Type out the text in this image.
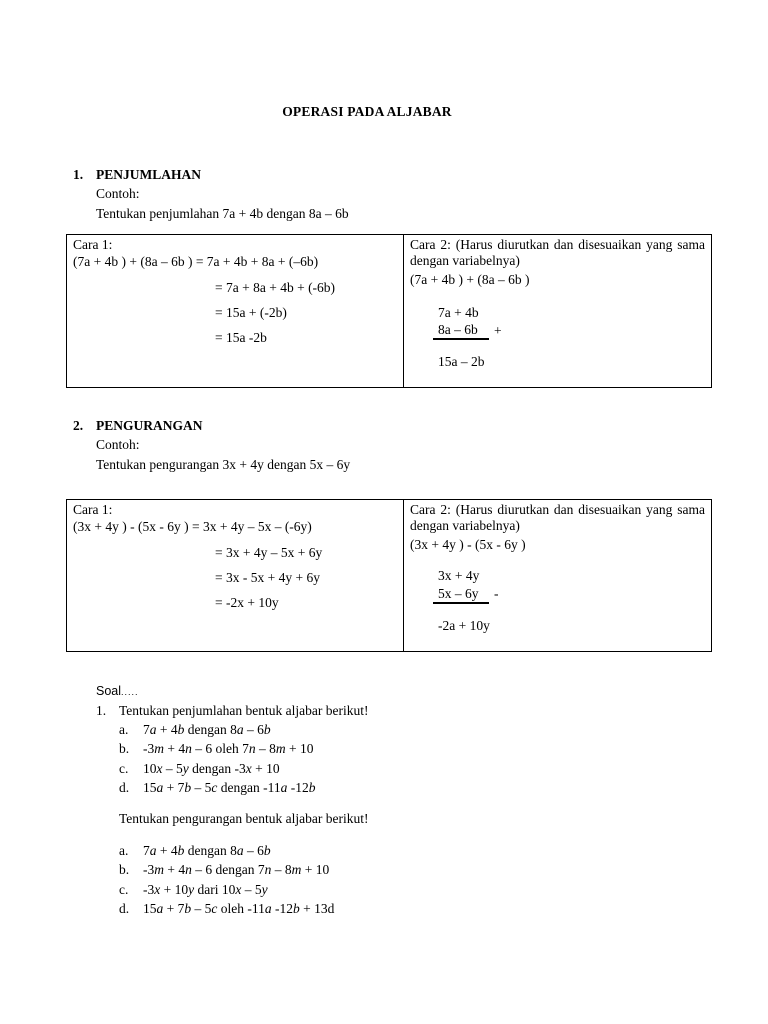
OPERASI PADA ALJABAR
1. PENJUMLAHAN
Contoh:
Tentukan penjumlahan 7a + 4b dengan 8a – 6b
Cara 1:
(7a + 4b ) + (8a – 6b ) = 7a + 4b + 8a + (–6b)
= 7a + 8a + 4b + (-6b)
= 15a + (-2b)
= 15a -2b

Cara 2: (Harus diurutkan dan disesuaikan yang sama dengan variabelnya)
(7a + 4b ) + (8a – 6b )
7a + 4b
8a – 6b +
15a – 2b
2. PENGURANGAN
Contoh:
Tentukan pengurangan 3x + 4y dengan 5x – 6y
Cara 1:
(3x + 4y ) - (5x - 6y ) = 3x + 4y – 5x – (-6y)
= 3x + 4y – 5x + 6y
= 3x - 5x + 4y + 6y
= -2x + 10y

Cara 2: (Harus diurutkan dan disesuaikan yang sama dengan variabelnya)
(3x + 4y ) - (5x - 6y )
3x + 4y
5x – 6y -
-2a + 10y
Soal.....
1. Tentukan penjumlahan bentuk aljabar berikut!
a. 7a + 4b dengan 8a – 6b
b. -3m + 4n – 6 oleh 7n – 8m + 10
c. 10x – 5y dengan -3x + 10
d. 15a + 7b – 5c dengan -11a -12b
Tentukan pengurangan bentuk aljabar berikut!
a. 7a + 4b dengan 8a – 6b
b. -3m + 4n – 6 dengan 7n – 8m + 10
c. -3x + 10y dari 10x – 5y
d. 15a + 7b – 5c oleh -11a -12b + 13d
